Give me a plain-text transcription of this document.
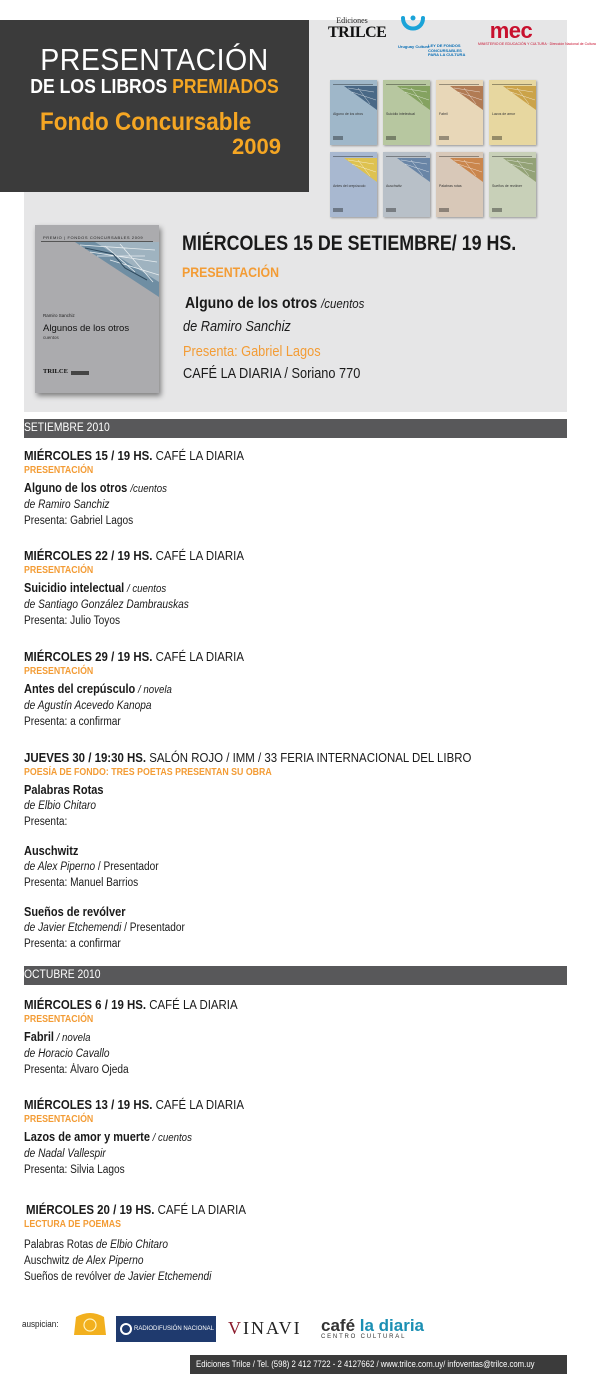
PRESENTACIÓN
DE LOS LIBROS PREMIADOS
Fondo Concursable
2009
Ediciones
TRILCE
Uruguay Cultura
LEY DE FONDOS CONCURSABLES PARA LA CULTURA
mec
MINISTERIO DE EDUCACIÓN Y CULTURA · Dirección Nacional de Cultura
Alguno de los otros	Suicidio intelectual	Fabril	Lazos de amor
Antes del crepúsculo	Auschwitz	Palabras rotas	Sueños de revólver
PREMIO | FONDOS CONCURSABLES 2009
Ramiro Sanchiz
Algunos de los otros
cuentos
TRILCE
MIÉRCOLES 15 DE SETIEMBRE/ 19 HS.
PRESENTACIÓN
Alguno de los otros /cuentos
de Ramiro Sanchiz
Presenta: Gabriel Lagos
CAFÉ LA DIARIA / Soriano 770
SETIEMBRE 2010
MIÉRCOLES 15 / 19 HS. CAFÉ LA DIARIA
PRESENTACIÓN
Alguno de los otros /cuentos
de Ramiro Sanchiz
Presenta: Gabriel Lagos
MIÉRCOLES 22 / 19 HS. CAFÉ LA DIARIA
PRESENTACIÓN
Suicidio intelectual / cuentos
de Santiago González Dambrauskas
Presenta: Julio Toyos
MIÉRCOLES 29 / 19 HS. CAFÉ LA DIARIA
PRESENTACIÓN
Antes del crepúsculo / novela
de Agustín Acevedo Kanopa
Presenta: a confirmar
JUEVES 30 / 19:30 HS. SALÓN ROJO / IMM / 33 FERIA INTERNACIONAL DEL LIBRO
POESÍA DE FONDO: TRES POETAS PRESENTAN SU OBRA
Palabras Rotas
de Elbio Chitaro
Presenta:
Auschwitz
de Alex Piperno / Presentador
Presenta: Manuel Barrios
Sueños de revólver
de Javier Etchemendi / Presentador
Presenta: a confirmar
OCTUBRE 2010
MIÉRCOLES 6 / 19 HS. CAFÉ LA DIARIA
PRESENTACIÓN
Fabril / novela
de Horacio Cavallo
Presenta: Álvaro Ojeda
MIÉRCOLES 13 / 19 HS. CAFÉ LA DIARIA
PRESENTACIÓN
Lazos de amor y muerte / cuentos
de Nadal Vallespir
Presenta: Silvia Lagos
MIÉRCOLES 20 / 19 HS. CAFÉ LA DIARIA
LECTURA DE POEMAS
Palabras Rotas de Elbio Chitaro
Auschwitz de Alex Piperno
Sueños de revólver de Javier Etchemendi
auspician:	RADIODIFUSIÓN NACIONAL SODRE
VINAVI café la diaria
CENTRO CULTURAL
Ediciones Trilce / Tel. (598) 2 412 7722 - 2 4127662 / www.trilce.com.uy/ infoventas@trilce.com.uy
